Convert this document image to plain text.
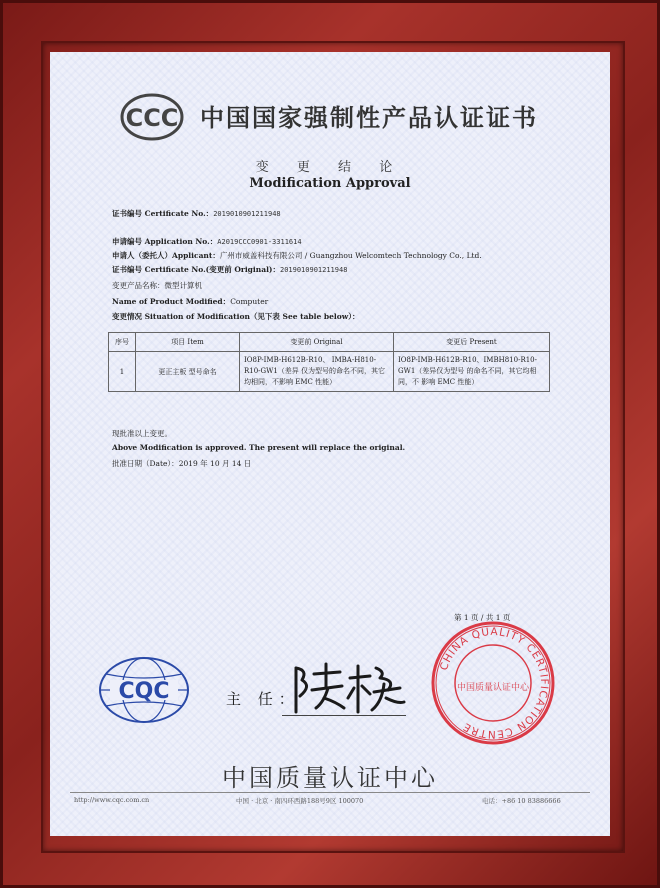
CCC 中国国家强制性产品认证证书
变 更 结 论
Modification Approval
证书编号 Certificate No.：2019010901211948
申请编号 Application No.：A2019CCC0901-3311614
申请人（委托人）Applicant：广州市威盖科技有限公司 / Guangzhou Welcomtech Technology Co., Ltd.
证书编号 Certificate No.(变更前 Original)：2019010901211948
变更产品名称：微型计算机
Name of Product Modified：Computer
变更情况 Situation of Modification（见下表 See table below）：
序号	项目 Item	变更前 Original	变更后 Present
1	更正主板 型号命名	IO8P-IMB-H612B-R10、 IMBA-H810-R10-GW1（差异 仅为型号的命名不同，其它 均相同，不影响 EMC 性能）	IO8P-IMB-H612B-R10、IMBH810-R10-GW1（差异仅为型号 的命名不同，其它均相同，不 影响 EMC 性能）
现批准以上变更。
Above Modification is approved. The present will replace the original.
批准日期（Date）：2019 年 10 月 14 日
第 1 页 / 共 1 页
CQC	主 任：
CHINA QUALITY CERTIFICATION CENTRE
中国质量认证中心
中国质量认证中心
http://www.cqc.com.cn	中国 · 北京 · 南四环西路188号9区 100070	电话：+86 10 83886666
